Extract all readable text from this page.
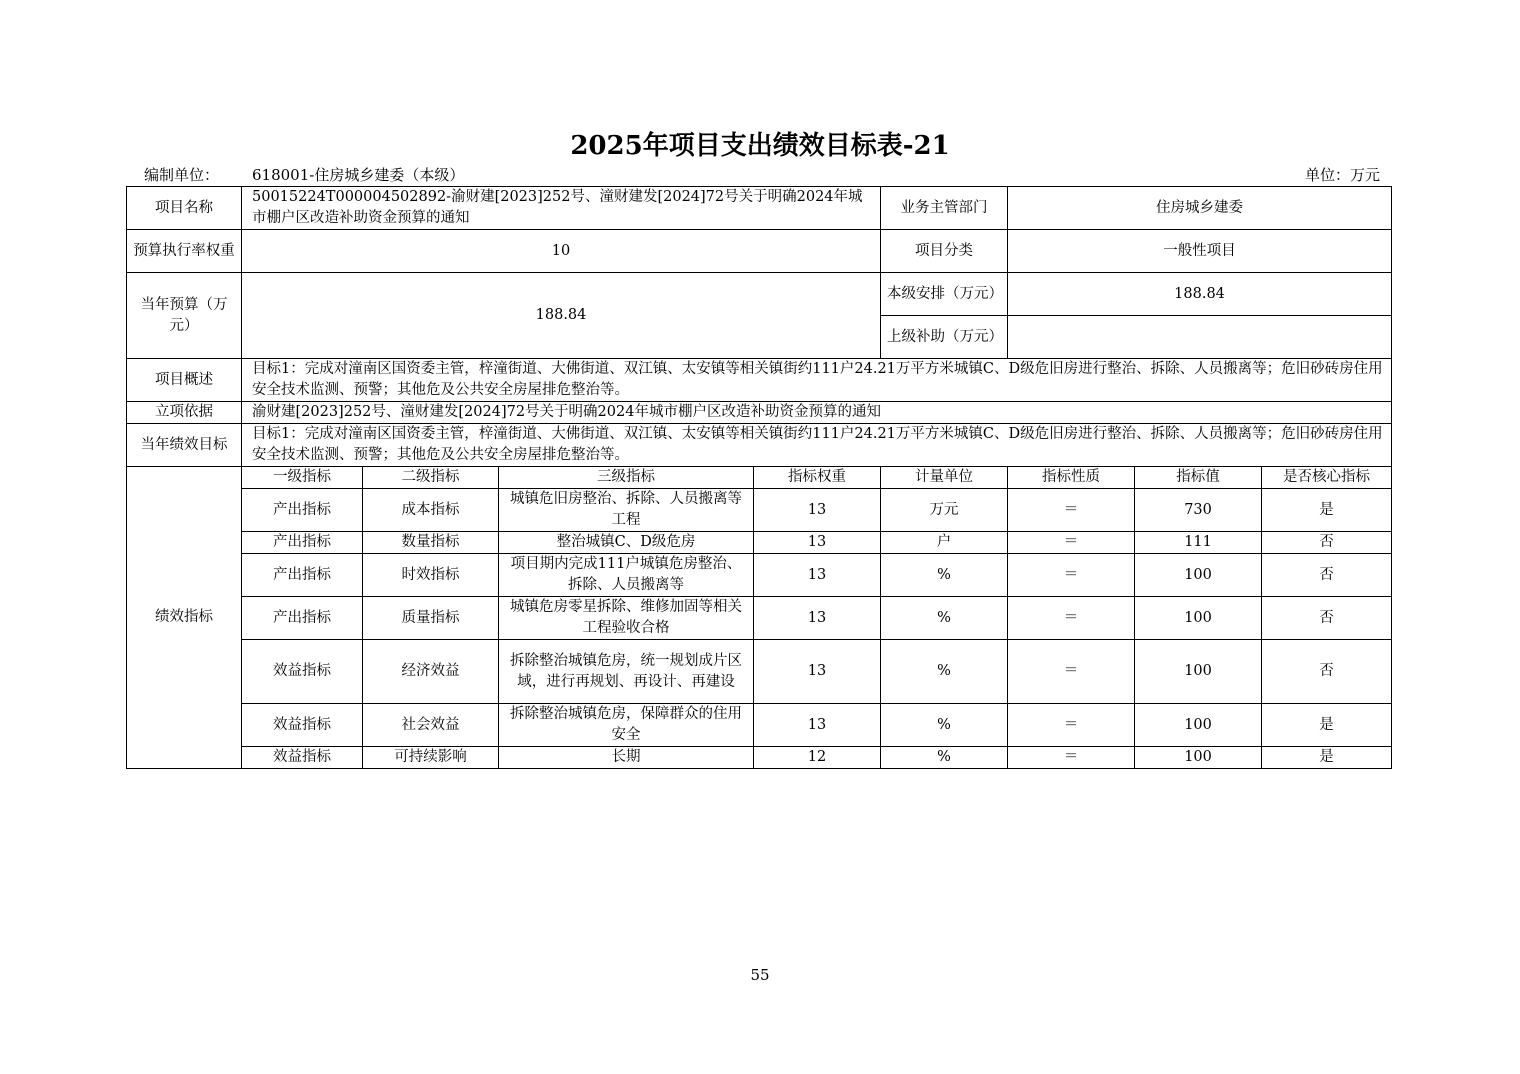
2025年项目支出绩效目标表-21
编制单位： 618001-住房城乡建委（本级）	单位：万元
项目名称	50015224T000004502892-渝财建[2023]252号、潼财建发[2024]72号关于明确2024年城市棚户区改造补助资金预算的通知				业务主管部门	住房城乡建委		
预算执行率权重	10				项目分类	一般性项目		
当年预算（万元）	188.84				本级安排（万元）	188.84		
					上级补助（万元）			
项目概述	目标1：完成对潼南区国资委主管，梓潼街道、大佛街道、双江镇、太安镇等相关镇街约111户24.21万平方米城镇C、D级危旧房进行整治、拆除、人员搬离等；危旧砂砖房住用安全技术监测、预警；其他危及公共安全房屋排危整治等。							
立项依据	渝财建[2023]252号、潼财建发[2024]72号关于明确2024年城市棚户区改造补助资金预算的通知							
当年绩效目标	目标1：完成对潼南区国资委主管，梓潼街道、大佛街道、双江镇、太安镇等相关镇街约111户24.21万平方米城镇C、D级危旧房进行整治、拆除、人员搬离等；危旧砂砖房住用安全技术监测、预警；其他危及公共安全房屋排危整治等。							
绩效指标	一级指标	二级指标	三级指标	指标权重	计量单位	指标性质	指标值	是否核心指标
	产出指标	成本指标	城镇危旧房整治、拆除、人员搬离等工程	13	万元	＝	730	是
	产出指标	数量指标	整治城镇C、D级危房	13	户	＝	111	否
	产出指标	时效指标	项目期内完成111户城镇危房整治、拆除、人员搬离等	13	%	＝	100	否
	产出指标	质量指标	城镇危房零星拆除、维修加固等相关工程验收合格	13	%	＝	100	否
	效益指标	经济效益	拆除整治城镇危房，统一规划成片区域，进行再规划、再设计、再建设	13	%	＝	100	否
	效益指标	社会效益	拆除整治城镇危房，保障群众的住用安全	13	%	＝	100	是
	效益指标	可持续影响	长期	12	%	＝	100	是
55
